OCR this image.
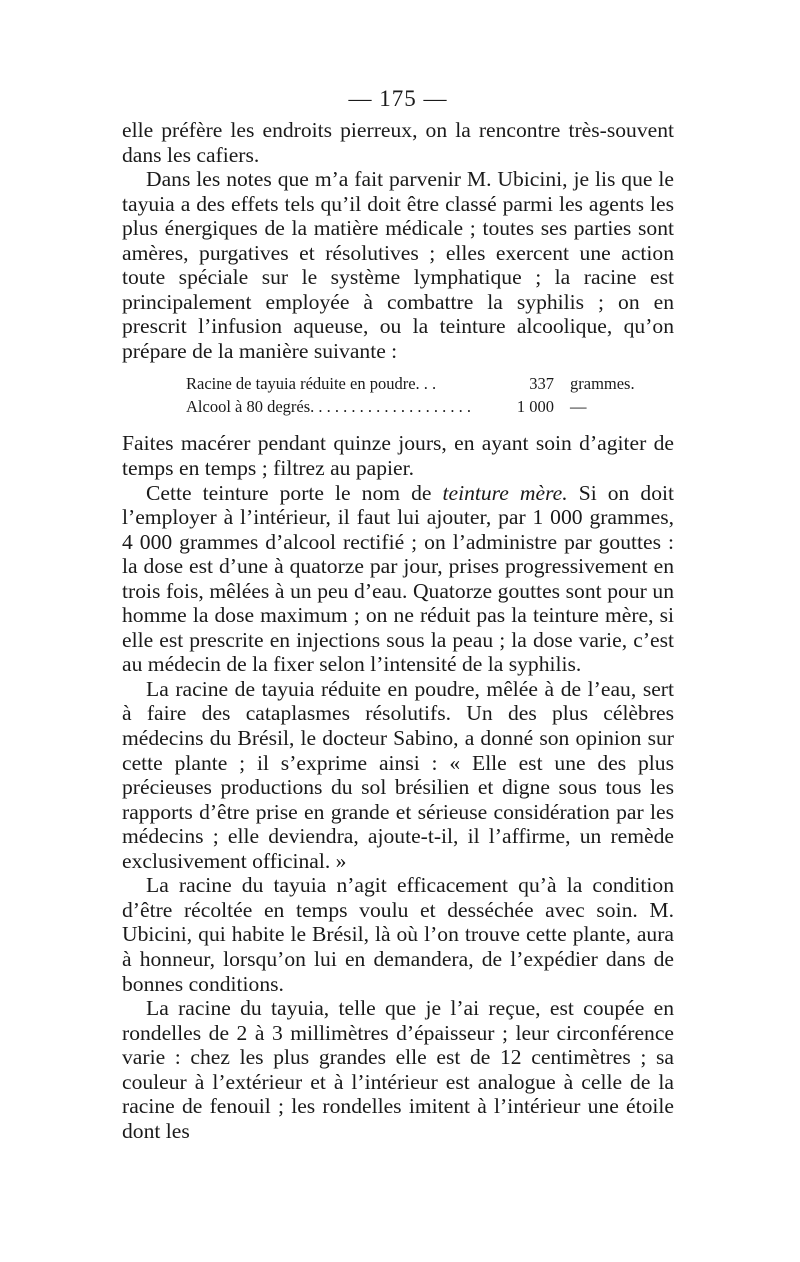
— 175 —

elle préfère les endroits pierreux, on la rencontre très-souvent dans les cafiers.

Dans les notes que m’a fait parvenir M. Ubicini, je lis que le tayuia a des effets tels qu’il doit être classé parmi les agents les plus énergiques de la matière médicale ; toutes ses parties sont amères, purgatives et résolutives ; elles exercent une action toute spéciale sur le système lymphatique ; la racine est principalement employée à combattre la syphilis ; on en prescrit l’infusion aqueuse, ou la teinture alcoolique, qu’on prépare de la manière suivante :

Racine de tayuia réduite en poudre. . .	337 grammes.
Alcool à 80 degrés. . . . . . . . . . . . . . . . . . . .	1 000 —

Faites macérer pendant quinze jours, en ayant soin d’agiter de temps en temps ; filtrez au papier.

Cette teinture porte le nom de teinture mère. Si on doit l’employer à l’intérieur, il faut lui ajouter, par 1 000 grammes, 4 000 grammes d’alcool rectifié ; on l’administre par gouttes : la dose est d’une à quatorze par jour, prises progressivement en trois fois, mêlées à un peu d’eau. Quatorze gouttes sont pour un homme la dose maximum ; on ne réduit pas la teinture mère, si elle est prescrite en injections sous la peau ; la dose varie, c’est au médecin de la fixer selon l’intensité de la syphilis.

La racine de tayuia réduite en poudre, mêlée à de l’eau, sert à faire des cataplasmes résolutifs. Un des plus célèbres médecins du Brésil, le docteur Sabino, a donné son opinion sur cette plante ; il s’exprime ainsi : « Elle est une des plus précieuses productions du sol brésilien et digne sous tous les rapports d’être prise en grande et sérieuse considération par les médecins ; elle deviendra, ajoute-t-il, il l’affirme, un remède exclusivement officinal. »

La racine du tayuia n’agit efficacement qu’à la condition d’être récoltée en temps voulu et desséchée avec soin. M. Ubicini, qui habite le Brésil, là où l’on trouve cette plante, aura à honneur, lorsqu’on lui en demandera, de l’expédier dans de bonnes conditions.

La racine du tayuia, telle que je l’ai reçue, est coupée en rondelles de 2 à 3 millimètres d’épaisseur ; leur circonférence varie : chez les plus grandes elle est de 12 centimètres ; sa couleur à l’extérieur et à l’intérieur est analogue à celle de la racine de fenouil ; les rondelles imitent à l’intérieur une étoile dont les
